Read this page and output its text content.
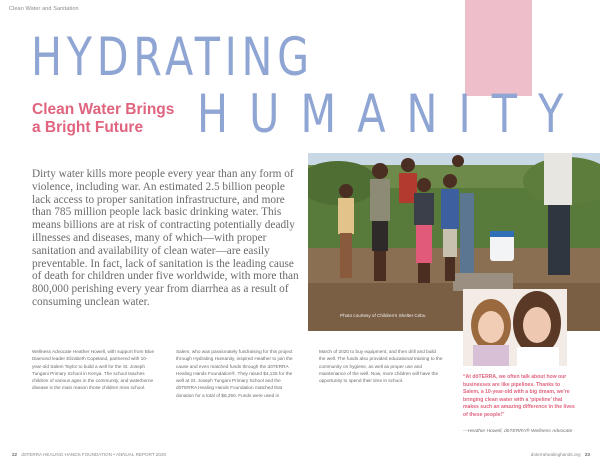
Clean Water and Sanitation
HYDRATING
Photo courtesy of Children's Shelter Cebu
HUMANITY
Clean Water Brings a Bright Future

Dirty water kills more people every year than any form of violence, including war. An estimated 2.5 billion people lack access to proper sanitation infrastructure, and more than 785 million people lack basic drinking water. This means billions are at risk of contracting potentially deadly illnesses and diseases, many of which—with proper sanitation and availability of clean water—are easily preventable. In fact, lack of sanitation is the leading cause of death for children under five worldwide, with more than 800,000 perishing every year from diarrhea as a result of consuming unclean water.

Wellness Advocate Heather Howell, with support from Blue Diamond leader Elizabeth Copeland, partnered with 10-year-old Salem Taylor to build a well for the St. Joseph Tungani Primary School in Kenya. The school teaches children of various ages in the community, and waterborne disease is the main reason those children miss school.

Salem, who was passionately fundraising for this project through Hydrating Humanity, inspired Heather to join the cause and even matched funds through the dōTERRA Healing Hands Foundation®. They raised $4,125 for the well at St. Joseph Tungani Primary School and the dōTERRA Healing Hands Foundation matched that donation for a total of $8,250. Funds were used in

March of 2020 to buy equipment, and then drill and build the well. The funds also provided educational training to the community on hygiene, as well as proper use and maintenance of the well. Now, more children will have the opportunity to spend their time in school.

“At dōTERRA, we often talk about how our businesses are like pipelines. Thanks to Salem, a 10-year-old with a big dream, we're bringing clean water with a ‘pipeline’ that makes such an amazing difference in the lives of these people!”

—Heather Howell, dōTERRA® Wellness Advocate

22 dōTERRA HEALING HANDS FOUNDATION • ANNUAL REPORT 2020	doterrahealinghands.org 23
